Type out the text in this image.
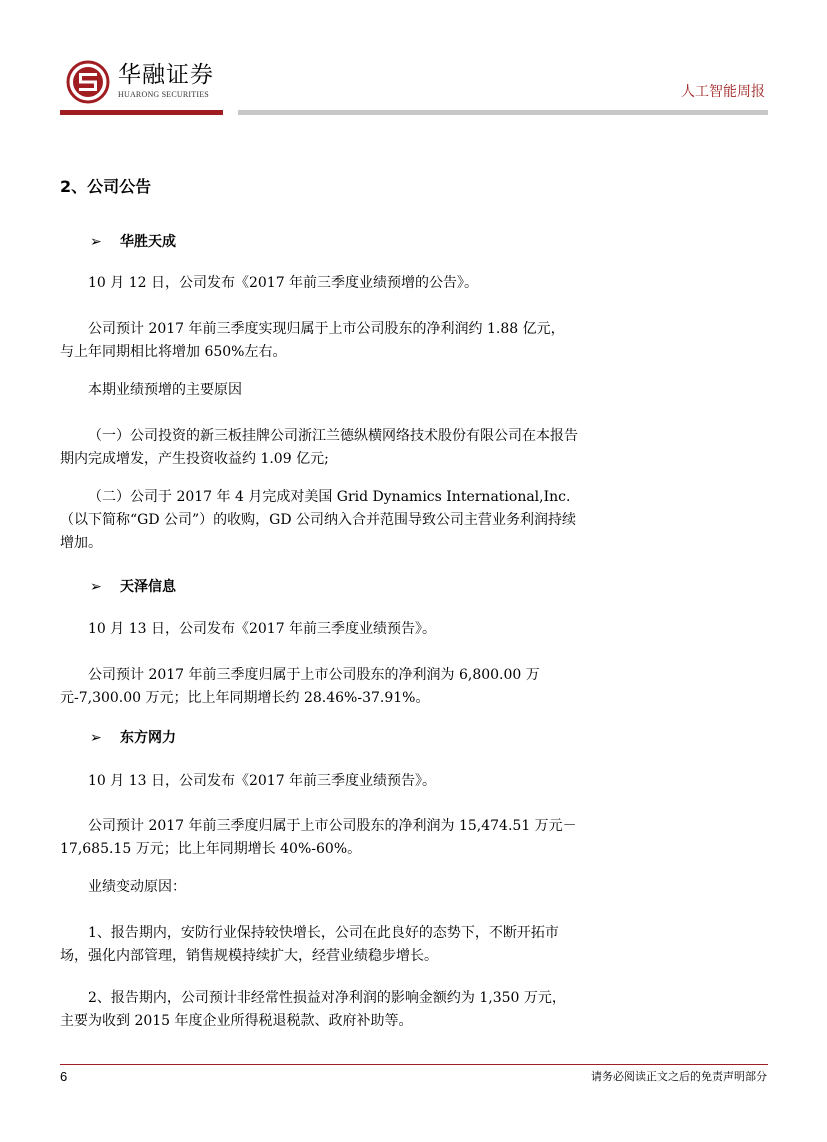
华融证券
HUARONG SECURITIES	人工智能周报
2、公司公告
➢ 华胜天成
10 月 12 日，公司发布《2017 年前三季度业绩预增的公告》。
公司预计 2017 年前三季度实现归属于上市公司股东的净利润约 1.88 亿元，与上年同期相比将增加 650%左右。
本期业绩预增的主要原因
（一）公司投资的新三板挂牌公司浙江兰德纵横网络技术股份有限公司在本报告期内完成增发，产生投资收益约 1.09 亿元;
（二）公司于 2017 年 4 月完成对美国 Grid Dynamics International,Inc.（以下简称“GD 公司”）的收购，GD 公司纳入合并范围导致公司主营业务利润持续增加。
➢ 天泽信息
10 月 13 日，公司发布《2017 年前三季度业绩预告》。
公司预计 2017 年前三季度归属于上市公司股东的净利润为 6,800.00 万元-7,300.00 万元；比上年同期增长约 28.46%-37.91%。
➢ 东方网力
10 月 13 日，公司发布《2017 年前三季度业绩预告》。
公司预计 2017 年前三季度归属于上市公司股东的净利润为 15,474.51 万元－17,685.15 万元；比上年同期增长 40%-60%。
业绩变动原因：
1、报告期内，安防行业保持较快增长，公司在此良好的态势下，不断开拓市场，强化内部管理，销售规模持续扩大，经营业绩稳步增长。
2、报告期内，公司预计非经常性损益对净利润的影响金额约为 1,350 万元，主要为收到 2015 年度企业所得税退税款、政府补助等。
6	请务必阅读正文之后的免责声明部分
